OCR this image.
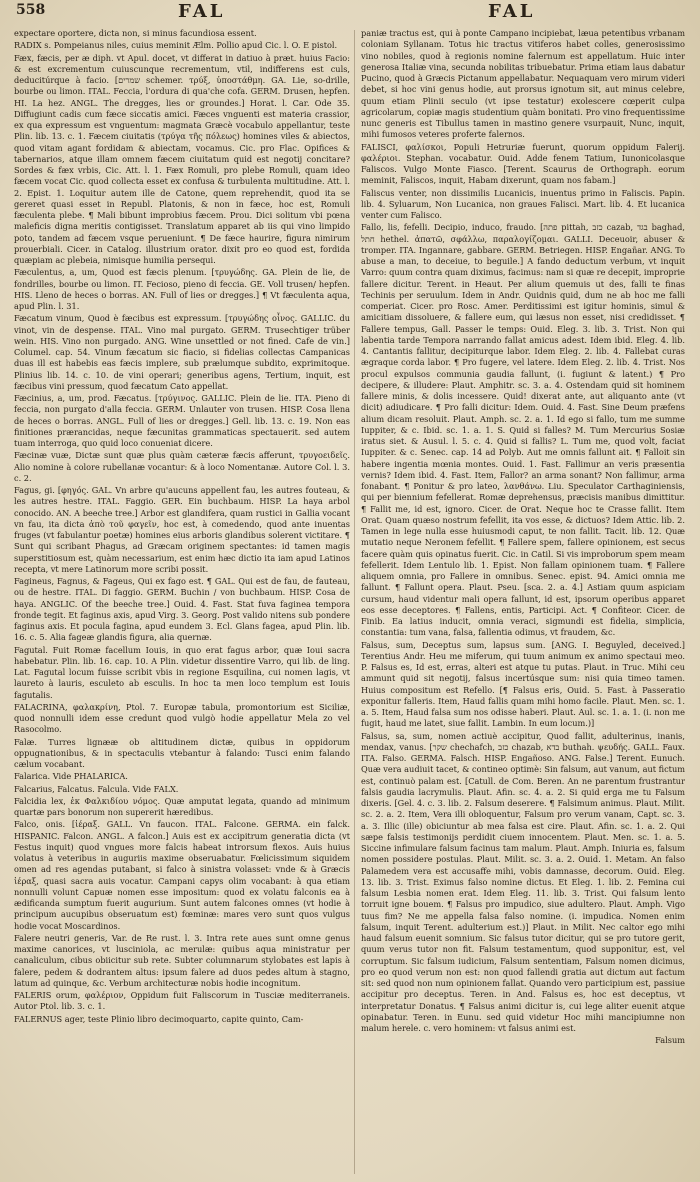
558	FAL	FAL

expectare oportere, dicta non, si minus facundiosa essent.

RADIX s. Pompeianus niles, cuius meminit Ælm. Pollio apud Cic. l. O. E pistol.

Fæx, fæcis, per æ diph. vt Apul. docet, vt differat in datiuo à præt. huius Facio: & est excrementum cuiuscunque recrementum, vtil, indifferens est culs, deducitúrque à facio. [שמרים schemer. τρύξ, ὑποστάθμη. GA. Lie, so-drille, bourbe ou limon. ITAL. Feccia, l'ordura di qua'che cofa. GERM. Drusen, hepfen. HI. La hez. ANGL. The dregges, lies or groundes.] Horat. l. Car. Ode 35. Diffugiunt cadis cum fæce siccatis amici. Fæces vnguenti est materia crassior, ex qua expressum est vnguentum: magmata Græcè vocabulo appellantur, teste Plin. lib. 13. c. 1. Fæcem ciuitatis (τρύγα τῆς πόλεως) homines viles & abiectos, quod vitam agant fordidam & abiectam, vocamus. Cic. pro Flac. Opifices & tabernarios, atque illam omnem fæcem ciuitatum quid est negotij concitare? Sordes & fæx vrbis, Cic. Att. l. 1. Fæx Romuli, pro plebe Romuli, quam ideo fæcem vocat Cic. quod collecta esset ex confusa & turbulenta multitudine. Att. l. 2. Epist. 1. Loquitur autem ille de Catone, quem reprehendit, quod ita se gereret quasi esset in Republ. Platonis, & non in fæce, hoc est, Romuli fæculenta plebe. ¶ Mali bibunt improbius fæcem. Prou. Dici solitum vbi pœna maleficis digna meritis contigisset. Translatum apparet ab iis qui vino limpido poto, tandem ad fæcem vsque perueniunt. ¶ De fæce haurire, figura nimirum prouerbiali. Cicer. in Catalog. illustrium orator. dixit pro eo quod est, fordida quæpiam ac plebeia, nimisque humilia persequi.

Fæculentus, a, um, Quod est fæcis plenum. [τρυγώδης. GA. Plein de lie, de fondrilles, bourbe ou limon. IT. Fecioso, pieno di feccia. GE. Voll trusen/ hepfen. HIS. Lleno de heces o borras. AN. Full of lies or dregges.] ¶ Vt fæculenta aqua, apud Plin. l. 31.

Fæcatum vinum, Quod è fæcibus est expressum. [τρυγώδης οἶνος. GALLIC. du vinot, vin de despense. ITAL. Vino mal purgato. GERM. Trusechtiger trüber wein. HIS. Vino non purgado. ANG. Wine unsettled or not fined. Cafe de vin.] Columel. cap. 54. Vinum fæcatum sic fiacio, si fidelias collectas Campanicas duas ill est habebis eas fæcis implere, sub prælumque subdito, exprimitoque. Plinius lib. 14. c. 10. de vini operari; generibus agens, Tertium, inquit, est fæcibus vini pressum, quod fæcatum Cato appellat.

Fæcinius, a, um, prod. Fæcatus. [τρύγινος. GALLIC. Plein de lie. ITA. Pieno di feccia, non purgato d'alla feccia. GERM. Unlauter von trusen. HISP. Cosa llena de heces o borras. ANGL. Full of lies or dregges.] Gell. lib. 13. c. 19. Non eas finitiones prærancidas, neque fæcunitas grammaticas spectauerit. sed autem tuam interroga, quo quid loco conueniat dicere.

Fæcinæ vuæ, Dictæ sunt quæ plus quàm cæteræ fæcis afferunt, τρυγοειδεῖς. Alio nomine à colore rubellanæ vocantur: & à loco Nomentanæ. Autore Col. l. 3. c. 2.

Fagus, gi. [φηγός. GAL. Vn arbre qu'aucuns appellent fau, les autres fouteau, & les autres hestre. ITAL. Faggio. GER. Ein buchbaum. HISP. La haya arbol conocido. AN. A beeche tree.] Arbor est glandifera, quam rustici in Gallia vocant vn fau, ita dicta ἀπὸ τοῦ φαγεῖν, hoc est, à comedendo, quod ante inuentas fruges (vt fabulantur poetæ) homines eius arboris glandibus solerent victitare. ¶ Sunt qui scribant Phagus, ad Græcam originem spectantes: id tamen magis superstitiosum est, quàm necessarium, est enim hæc dictio ita iam apud Latinos recepta, vt mere Latinorum more scribi possit.

Fagineus, Fagnus, & Fageus, Qui ex fago est. ¶ GAL. Qui est de fau, de fauteau, ou de hestre. ITAL. Di faggio. GERM. Buchin / von buchbaum. HISP. Cosa de haya. ANGLIC. Of the beeche tree.] Ouid. 4. Fast. Stat fuva faginea tempora fronde tegit. Et faginus axis, apud Virg. 3. Georg. Post valido nitens sub pondere faginus axis. Et pocula fagina, apud eundem 3. Ecl. Glans fagea, apud Plin. lib. 16. c. 5. Alia fageæ glandis figura, alia quernæ.

Fagutal. Fuit Romæ facellum Iouis, in quo erat fagus arbor, quæ Ioui sacra habebatur. Plin. lib. 16. cap. 10. A Plin. videtur dissentire Varro, qui lib. de ling. Lat. Fagutal locum fuisse scribit vbis in regione Esquilina, cui nomen lagis, vt laureto à lauris, esculeto ab esculis. In hoc ta men loco templum est Iouis fagutalis.

FALACRINA, φαλακρίνη, Ptol. 7. Europæ tabula, promontorium est Siciliæ, quod nonnulli idem esse credunt quod vulgò hodie appellatur Mela zo vel Rasocolmo.

Falæ. Turres lignææ ob altitudinem dictæ, quibus in oppidorum oppugnationibus, & in spectaculis vtebantur à falando: Tusci enim falando cælum vocabant.

Falarica. Vide PHALARICA.

Falcarius, Falcatus. Falcula. Vide FALX.

Falcidia lex, ἐκ Φαλκιδίου νόμος. Quæ amputat legata, quando ad minimum quartæ pars bonorum non supererit hæredibus.

Falco, onis. [ἱέραξ. GALL. Vn faucon. ITAL. Falcone. GERMA. ein falck. HISPANIC. Falcon. ANGL. A falcon.] Auis est ex accipitrum generatia dicta (vt Festus inquit) quod vngues more falcis habeat introrsum flexos. Auis huius volatus à veteribus in auguriis maxime obseruabatur. Fœlicissimum siquidem omen ad res agendas putabant, si falco à sinistra volasset: vnde & à Græcis ἱέραξ, quasi sacra auis vocatur. Campani capys olim vocabant: à qua etiam nonnulli volunt Capuæ nomen esse impositum: quod ex volatu falconis ea à ædificanda sumptum fuerit augurium. Sunt autem falcones omnes (vt hodie à principum aucupibus obseruatum est) fœminæ: mares vero sunt quos vulgus hodie vocat Moscardinos.

Falere neutri generis, Var. de Re rust. l. 3. Intra rete aues sunt omne genus maxime canorices, vt lusciniola, ac merulæ: quibus aqua ministratur per canaliculum, cibus obiicitur sub rete. Subter columnarum stylobates est lapis à falere, pedem & dodrantem altus: ipsum falere ad duos pedes altum à stagno, latum ad quinque, &c. Verbum architecturæ nobis hodie incognitum.

FALERIS orum, φαλέριον, Oppidum fuit Faliscorum in Tusciæ mediterraneis. Autor Ptol. lib. 3. c. 1.

FALERNUS ager, teste Plinio libro decimoquarto, capite quinto, Cam-

paniæ tractus est, qui à ponte Campano incipiebat, læua petentibus vrbanam coloniam Syllanam. Totus hic tractus vitiferos habet colles, generosissimo vino nobiles, quod à regionis nomine falernum est appellatum. Huic inter generosa Italiæ vina, secunda nobilitas tribuebatur. Prima etiam laus dabatur Pucino, quod à Græcis Pictanum appellabatur. Nequaquam vero mirum videri debet, si hoc vini genus hodie, aut prorsus ignotum sit, aut minus celebre, quum etiam Plinii seculo (vt ipse testatur) exolescere cœperit culpa agricolarum, copiæ magis studentium quàm bonitati. Pro vino frequentissime nunc generis est Tibullus tamen in mastino genere vsurpauit, Nunc, inquit, mihi fumosos veteres proferte falernos.

FALISCI, φαλίσκοι, Populi Hetruriæ fuerunt, quorum oppidum Falerij. φαλέριοι. Stephan. vocabatur. Ouid. Adde fenem Tatium, Iunonicolasque Faliscos. Vulgo Monte Fiasco. [Terent. Scaurus de Orthograph. eorum meminit, Faliscos, inquit, Habam dixerunt, quam nos fabam.]

Faliscus venter, non dissimilis Lucanicis, inuentus primo in Faliscis. Papin. lib. 4. Syluarum, Non Lucanica, non graues Falisci. Mart. lib. 4. Et lucanica venter cum Falisco.

Fallo, lis, fefelli. Decipio, induco, fraudo. [פתה pittah, כזב cazab, בגד baghad, חתל hethel. ἀπατῶ, σφάλλω, παραλογίζομαι. GALLI. Deceuoir, abuser & tromper. ITA. Ingannare, gabbare. GERM. Betriegen. HISP. Engañar. ANG. To abuse a man, to deceiue, to beguile.] A fando deductum verbum, vt inquit Varro: quum contra quam diximus, facimus: nam si quæ re decepit, improprie fallere dicitur. Terent. in Heaut. Per alium quemuis ut des, falli te finas Techinis per seruulum. Idem in Andr. Quidnis quid, dum ne ab hoc me falli comperiat. Cicer. pro Rosc. Amer. Perditissimi est igitur hominis, simul & amicitiam dissoluere, & fallere eum, qui læsus non esset, nisi credidisset. ¶ Fallere tempus, Gall. Passer le temps: Ouid. Eleg. 3. lib. 3. Trist. Non qui labentia tarde Tempora narrando fallat amicus adest. Idem ibid. Eleg. 4. lib. 4. Cantantis fallitur, decipiturque labor. Idem Eleg. 2. lib. 4. Fallebat curas ægraque corda labor. ¶ Pro fugere, vel latere. Idem Eleg. 2. lib. 4. Trist. Nos procul expulsos communia gaudia fallunt, (i. fugiunt & latent.) ¶ Pro decipere, & illudere: Plaut. Amphitr. sc. 3. a. 4. Ostendam quid sit hominem fallere minis, & dolis incessere. Quid! dixerat ante, aut aliquanto ante (vt dicit) adiudicare. ¶ Pro falli dicitur: Idem. Ouid. 4. Fast. Sine Deum præfens alium dicam resoluit. Plaut. Amph. sc. 2. a. 1. Id ego si fallo, tum me summe Iuppiter, & c. Ibid. sc. 1. a. 1. S. Quid si falles? M. Tum Mercurius Sosiæ iratus siet. & Ausul. l. 5. c. 4. Quid si fallis? L. Tum me, quod volt, faciat Iuppiter. & c. Senec. cap. 14 ad Polyb. Aut me omnis fallunt ait. ¶ Falloit sin habere ingentia mœnia montes. Ouid. 1. Fast. Fallimur an veris præsentia vernis? Idem ibid. 4. Fast. Item, Fallor? an arma sonant? Non fallimur, arma fonabant. ¶ Ponitur & pro lateo, λανθάνω. Liu. Speculator Carthaginiensis, qui per biennium fefellerat. Romæ deprehensus, præcisis manibus dimittitur. ¶ Fallit me, id est, ignoro. Cicer. de Orat. Neque hoc te Crasse fallit. Item Orat. Quam quæso nostrum fefellit, ita vos esse, & dictuos? Idem Attic. lib. 2. Tamen in lege nulla esse huiusmodi caput, te non fallit. Tacit. lib. 12. Quæ mutatio neque Neronem fefellit. ¶ Fallere spem, fallere opinionem, est secus facere quàm quis opinatus fuerit. Cic. in Catil. Si vis improborum spem meam fefellerit. Idem Lentulo lib. 1. Epist. Non fallam opinionem tuam. ¶ Fallere aliquem omnia, pro Fallere in omnibus. Senec. epist. 94. Amici omnia me fallunt. ¶ Fallunt opera. Plaut. Pseu. [sca. 2. a. 4.] Astiam quum aspiciam cursum, haud videntur mali opera fallunt, id est, ipsorum operibus apparet eos esse deceptores. ¶ Fallens, entis, Participi. Act. ¶ Confiteor. Cicer. de Finib. Ea latius inducit, omnia veraci, sigmundi est fidelia, simplicia, constantia: tum vana, falsa, fallentia odimus, vt fraudem, &c.

Falsus, sum, Deceptus sum, lapsus sum. [ANG. I. Beguyled, deceived.] Terentius Andr. Heu me miferum, qui tuum animum ex animo spectaui meo. P. Falsus es, Id est, erras, alteri est atque tu putas. Plaut. in Truc. Mihi ceu ammunt quid sit negotij, falsus incertúsque sum: nisi quia timeo tamen. Huius compositum est Refello. [¶ Falsus eris, Ouid. 5. Fast. à Passeratio exponitur falleris. Item, Haud fallis quam mihi homo facile. Plaut. Men. sc. 1. a. 5. Item, Haud falsa sum nos odisse haberi. Plaut. Aul. sc. 1. a. 1. (i. non me fugit, haud me latet, siue fallit. Lambin. In eum locum.)]

Falsus, sa, sum, nomen actiuè accipitur, Quod fallit, adulterinus, inanis, mendax, vanus. [שקר chechafch, כזב chazab, בדא buthah. ψευδής. GALL. Faux. ITA. Falso. GERMA. Falsch. HISP. Engañoso. ANG. False.] Terent. Eunuch. Quæ vera audiuit tacet, & contineo optimè: Sin falsum, aut vanum, aut fictum est, continuò palam est. [Catull. de Com. Beren. An ne parentum frustrantur falsis gaudia lacrymulis. Plaut. Afin. sc. 4. a. 2. Si quid erga me tu Falsum dixeris. [Gel. 4. c. 3. lib. 2. Falsum deserere. ¶ Falsimum animus. Plaut. Milit. sc. 2. a. 2. Item, Vera illi obloquentur, Falsum pro verum vanam, Capt. sc. 3. a. 3. Illic (ille) obiciuntur ab mea falsa est cire. Plaut. Afin. sc. 1. a. 2. Qui sæpe falsis testimonijs perdidit ciuem innocentem. Plaut. Men. sc. 1. a. 5. Siccine infimulare falsum facinus tam malum. Plaut. Amph. Iniuria es, falsum nomen possidere postulas. Plaut. Milit. sc. 3. a. 2. Ouid. 1. Metam. An falso Palamedem vera est accusaffe mihi, vobis damnasse, decorum. Ouid. Eleg. 13. lib. 3. Trist. Eximus falso nomine dictus. Et Eleg. 1. lib. 2. Femina cui falsum Lesbia nomen erat. Idem Eleg. 11. lib. 3. Trist. Qui falsum lento torruit igne bouem. ¶ Falsus pro impudico, siue adultero. Plaut. Amph. Vigo tuus fim? Ne me appella falsa falso nomine. (i. impudica. Nomen enim falsum, inquit Terent. adulterium est.)] Plaut. in Milit. Nec caltor ego mihi haud falsum euenit somnium. Sic falsus tutor dicitur, qui se pro tutore gerit, quum verus tutor non fit. Falsum testamentum, quod supponitur, est, vel corruptum. Sic falsum iudicium, Falsum sententiam, Falsum nomen dicimus, pro eo quod verum non est: non quod fallendi gratia aut dictum aut factum sit: sed quod non num opinionem fallat. Quando vero participium est, passiue accipitur pro deceptus. Teren. in And. Falsus es, hoc est deceptus, vt interpretatur Donatus. ¶ Falsus animi dicitur is, cui lege aliter euenit atque opinabatur. Teren. in Eunu. sed quid videtur Hoc mihi mancipiumne non malum herele. c. vero hominem: vt falsus animi est.

Falsum
